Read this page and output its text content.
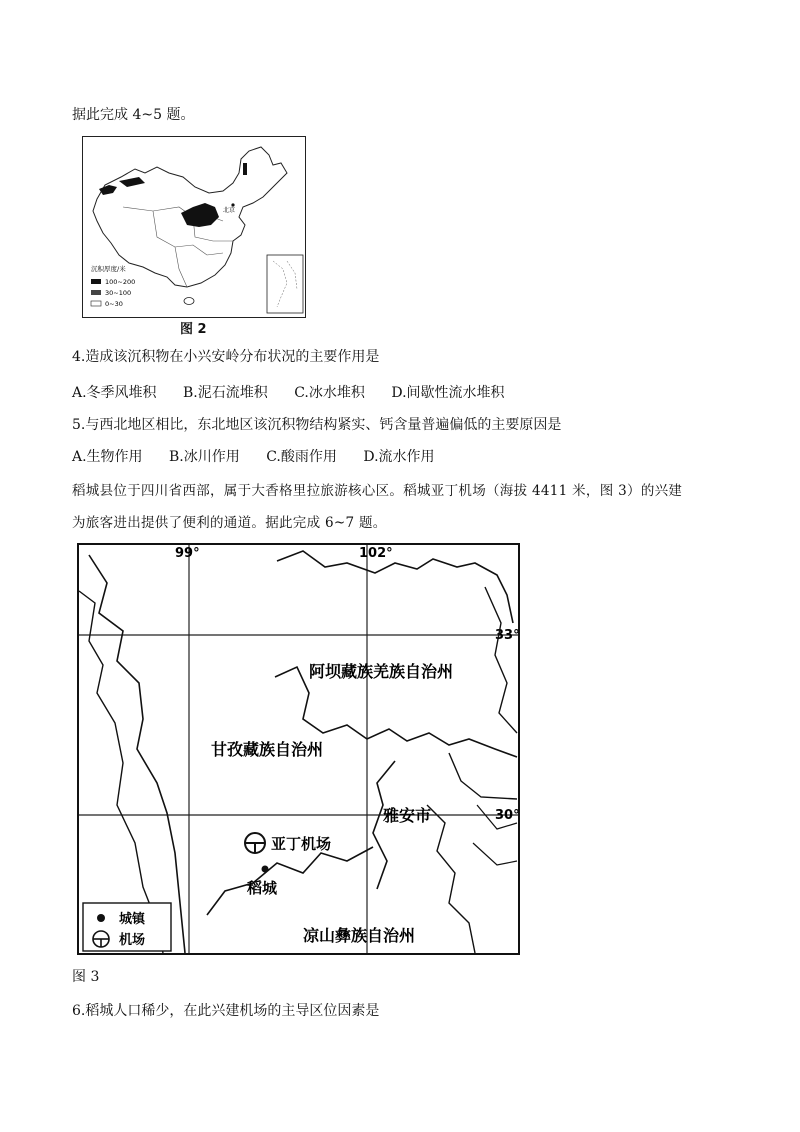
据此完成 4~5 题。
北京
沉积厚度/米
100~200
30~100
0~30
图 2
4.造成该沉积物在小兴安岭分布状况的主要作用是
A.冬季风堆积 B.泥石流堆积 C.冰水堆积 D.间歇性流水堆积
5.与西北地区相比，东北地区该沉积物结构紧实、钙含量普遍偏低的主要原因是
A.生物作用 B.冰川作用 C.酸雨作用 D.流水作用
稻城县位于四川省西部，属于大香格里拉旅游核心区。稻城亚丁机场（海拔 4411 米，图 3）的兴建
为旅客进出提供了便利的通道。据此完成 6~7 题。
99°	102°
33°
30°
阿坝藏族羌族自治州
甘孜藏族自治州
雅安市
凉山彝族自治州
亚丁机场
稻城
城镇
机场
图 3
6.稻城人口稀少，在此兴建机场的主导区位因素是
